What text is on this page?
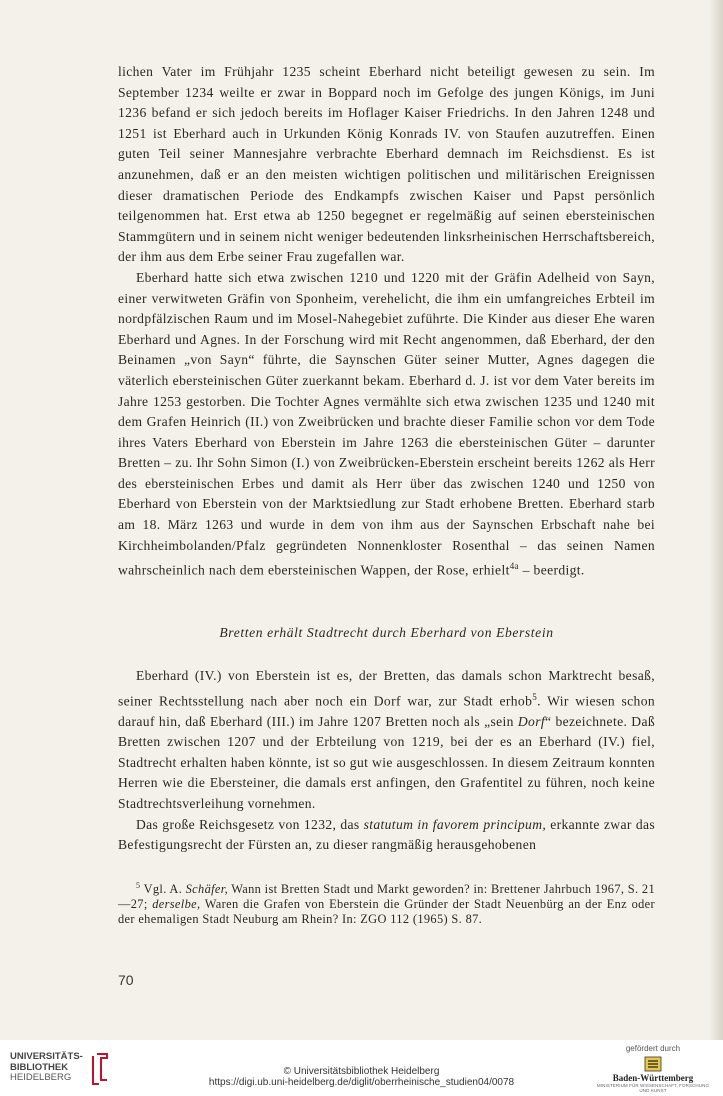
lichen Vater im Frühjahr 1235 scheint Eberhard nicht beteiligt gewesen zu sein. Im September 1234 weilte er zwar in Boppard noch im Gefolge des jungen Königs, im Juni 1236 befand er sich jedoch bereits im Hoflager Kaiser Friedrichs. In den Jahren 1248 und 1251 ist Eberhard auch in Urkunden König Konrads IV. von Staufen auzutreffen. Einen guten Teil seiner Mannesjahre verbrachte Eberhard demnach im Reichsdienst. Es ist anzunehmen, daß er an den meisten wichtigen politischen und militärischen Ereignissen dieser dramatischen Periode des Endkampfs zwischen Kaiser und Papst persönlich teilgenommen hat. Erst etwa ab 1250 begegnet er regelmäßig auf seinen ebersteinischen Stammgütern und in seinem nicht weniger bedeutenden linksrheinischen Herrschaftsbereich, der ihm aus dem Erbe seiner Frau zugefallen war.

Eberhard hatte sich etwa zwischen 1210 und 1220 mit der Gräfin Adelheid von Sayn, einer verwitweten Gräfin von Sponheim, verehelicht, die ihm ein umfangreiches Erbteil im nordpfälzischen Raum und im Mosel-Nahegebiet zuführte. Die Kinder aus dieser Ehe waren Eberhard und Agnes. In der Forschung wird mit Recht angenommen, daß Eberhard, der den Beinamen „von Sayn“ führte, die Saynschen Güter seiner Mutter, Agnes dagegen die väterlich ebersteinischen Güter zuerkannt bekam. Eberhard d. J. ist vor dem Vater bereits im Jahre 1253 gestorben. Die Tochter Agnes vermählte sich etwa zwischen 1235 und 1240 mit dem Grafen Heinrich (II.) von Zweibrücken und brachte dieser Familie schon vor dem Tode ihres Vaters Eberhard von Eberstein im Jahre 1263 die ebersteinischen Güter – darunter Bretten – zu. Ihr Sohn Simon (I.) von Zweibrücken-Eberstein erscheint bereits 1262 als Herr des ebersteinischen Erbes und damit als Herr über das zwischen 1240 und 1250 von Eberhard von Eberstein von der Marktsiedlung zur Stadt erhobene Bretten. Eberhard starb am 18. März 1263 und wurde in dem von ihm aus der Saynschen Erbschaft nahe bei Kirchheimbolanden/Pfalz gegründeten Nonnenkloster Rosenthal – das seinen Namen wahrscheinlich nach dem ebersteinischen Wappen, der Rose, erhielt$^{4a}$ – beerdigt.

Bretten erhält Stadtrecht durch Eberhard von Eberstein

Eberhard (IV.) von Eberstein ist es, der Bretten, das damals schon Marktrecht besaß, seiner Rechtsstellung nach aber noch ein Dorf war, zur Stadt erhob$^5$. Wir wiesen schon darauf hin, daß Eberhard (III.) im Jahre 1207 Bretten noch als „sein Dorf“ bezeichnete. Daß Bretten zwischen 1207 und der Erbteilung von 1219, bei der es an Eberhard (IV.) fiel, Stadtrecht erhalten haben könnte, ist so gut wie ausgeschlossen. In diesem Zeitraum konnten Herren wie die Ebersteiner, die damals erst anfingen, den Grafentitel zu führen, noch keine Stadtrechtsverleihung vornehmen.

Das große Reichsgesetz von 1232, das statutum in favorem principum, erkannte zwar das Befestigungsrecht der Fürsten an, zu dieser rangmäßig herausgehobenen

$^5$ Vgl. A. Schäfer, Wann ist Bretten Stadt und Markt geworden? in: Brettener Jahrbuch 1967, S. 21—27; derselbe, Waren die Grafen von Eberstein die Gründer der Stadt Neuenbürg an der Enz oder der ehemaligen Stadt Neuburg am Rhein? In: ZGO 112 (1965) S. 87.

70
UNIVERSITÄTS-
BIBLIOTHEK
HEIDELBERG
© Universitätsbibliothek Heidelberg
https://digi.ub.uni-heidelberg.de/diglit/oberrheinische_studien04/0078
gefördert durch
Baden-Württemberg
MINISTERIUM FÜR WISSENSCHAFT, FORSCHUNG UND KUNST
